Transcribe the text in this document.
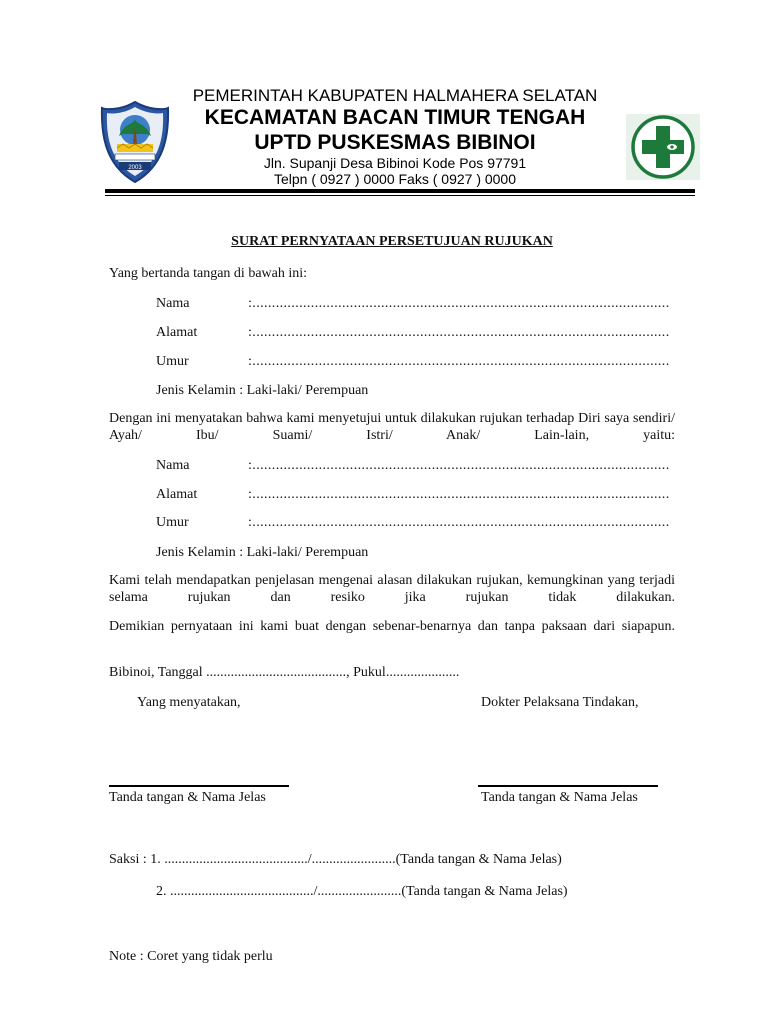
2003
PEMERINTAH KABUPATEN HALMAHERA SELATAN
KECAMATAN BACAN TIMUR TENGAH
UPTD PUSKESMAS BIBINOI
Jln. Supanji Desa Bibinoi Kode Pos 97791
Telpn ( 0927 ) 0000 Faks ( 0927 ) 0000
SURAT PERNYATAAN PERSETUJUAN RUJUKAN
Yang bertanda tangan di bawah ini:
Nama	:...........................................................................................................
Alamat	:...........................................................................................................
Umur	:...........................................................................................................
Jenis Kelamin : Laki-laki/ Perempuan
Dengan ini menyatakan bahwa kami menyetujui untuk dilakukan rujukan terhadap Diri saya sendiri/ Ayah/ Ibu/ Suami/ Istri/ Anak/ Lain-lain, yaitu:
Nama	:...........................................................................................................
Alamat	:...........................................................................................................
Umur	:...........................................................................................................
Jenis Kelamin : Laki-laki/ Perempuan
Kami telah mendapatkan penjelasan mengenai alasan dilakukan rujukan, kemungkinan yang terjadi selama rujukan dan resiko jika rujukan tidak dilakukan.
Demikian pernyataan ini kami buat dengan sebenar-benarnya dan tanpa paksaan dari siapapun.
Bibinoi, Tanggal ........................................, Pukul.....................
Yang menyatakan,	Dokter Pelaksana Tindakan,
Tanda tangan & Nama Jelas	Tanda tangan & Nama Jelas
Saksi : 1. ........................................./........................(Tanda tangan & Nama Jelas)
2. ........................................./........................(Tanda tangan & Nama Jelas)
Note : Coret yang tidak perlu
